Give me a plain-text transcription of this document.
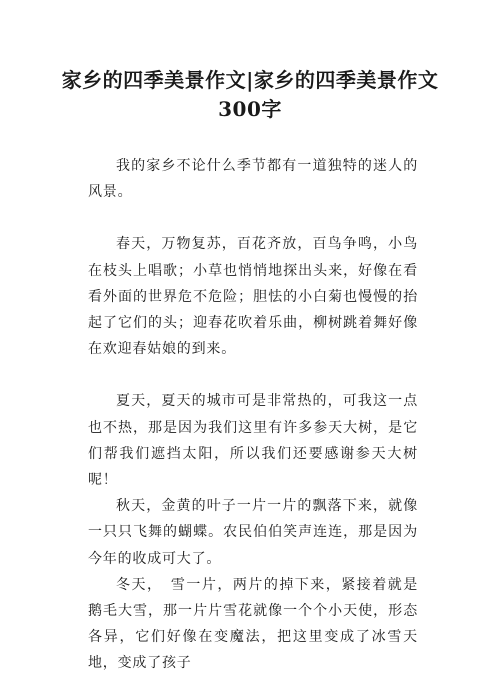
家乡的四季美景作文|家乡的四季美景作文300字

我的家乡不论什么季节都有一道独特的迷人的风景。

春天，万物复苏，百花齐放，百鸟争鸣，小鸟在枝头上唱歌；小草也悄悄地探出头来，好像在看看外面的世界危不危险；胆怯的小白菊也慢慢的抬起了它们的头；迎春花吹着乐曲，柳树跳着舞好像在欢迎春姑娘的到来。

夏天，夏天的城市可是非常热的，可我这一点也不热，那是因为我们这里有许多参天大树，是它们帮我们遮挡太阳，所以我们还要感谢参天大树呢！

秋天，金黄的叶子一片一片的飘落下来，就像一只只飞舞的蝴蝶。农民伯伯笑声连连，那是因为今年的收成可大了。

冬天，　雪一片，两片的掉下来，紧接着就是鹅毛大雪，那一片片雪花就像一个个小天使，形态各异，它们好像在变魔法，把这里变成了冰雪天地，变成了孩子
